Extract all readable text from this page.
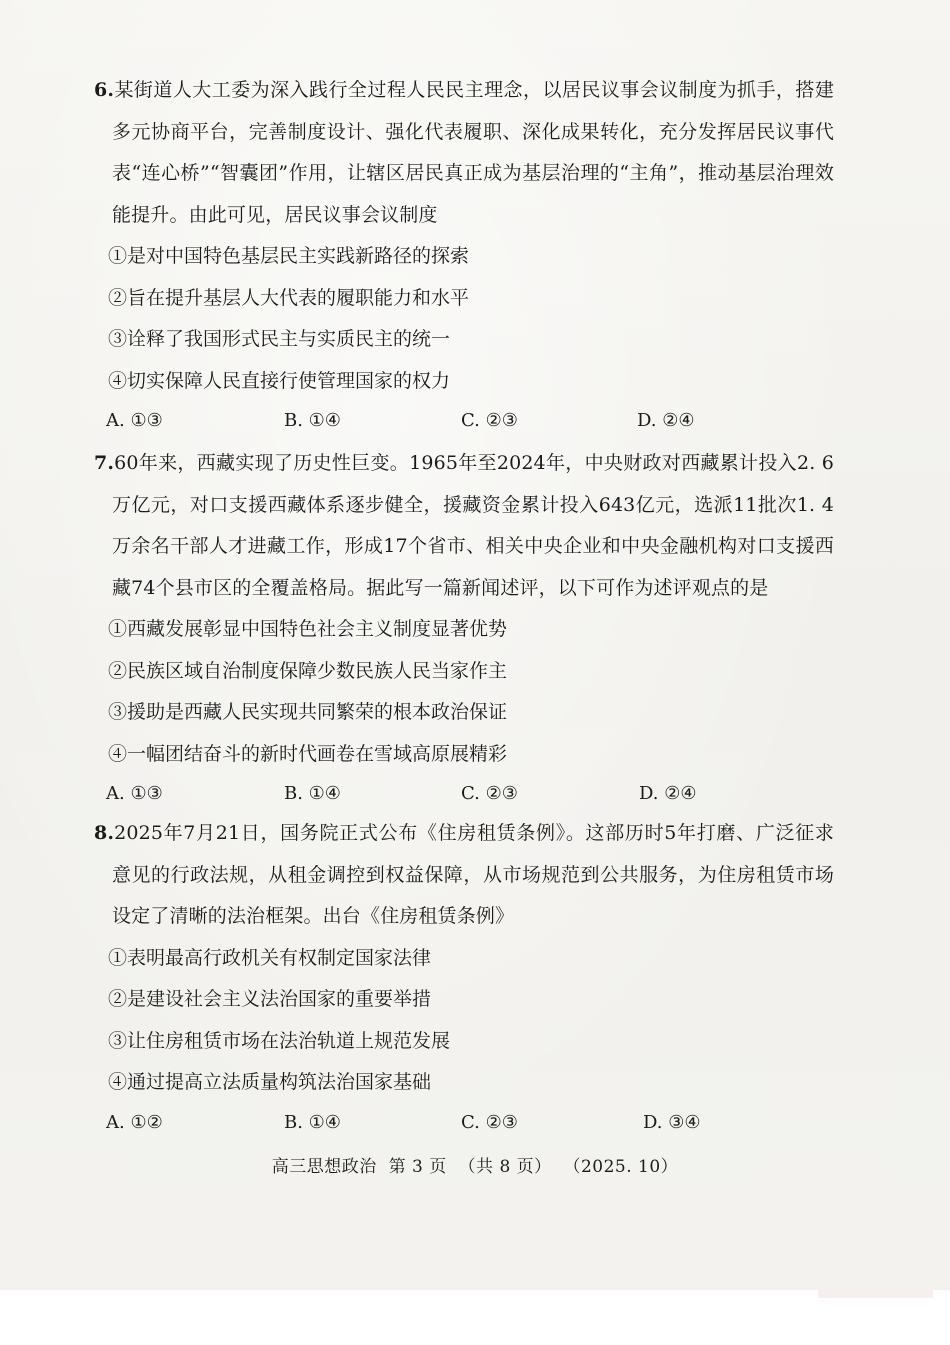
6.某街道人大工委为深入践行全过程人民民主理念，以居民议事会议制度为抓手，搭建多元协商平台，完善制度设计、强化代表履职、深化成果转化，充分发挥居民议事代表“连心桥”“智囊团”作用，让辖区居民真正成为基层治理的“主角”，推动基层治理效能提升。由此可见，居民议事会议制度

①是对中国特色基层民主实践新路径的探索
②旨在提升基层人大代表的履职能力和水平
③诠释了我国形式民主与实质民主的统一
④切实保障人民直接行使管理国家的权力
A. ①③	B. ①④	C. ②③	D. ②④

7.60年来，西藏实现了历史性巨变。1965年至2024年，中央财政对西藏累计投入2. 6万亿元，对口支援西藏体系逐步健全，援藏资金累计投入643亿元，选派11批次1. 4万余名干部人才进藏工作，形成17个省市、相关中央企业和中央金融机构对口支援西藏74个县市区的全覆盖格局。据此写一篇新闻述评，以下可作为述评观点的是

①西藏发展彰显中国特色社会主义制度显著优势
②民族区域自治制度保障少数民族人民当家作主
③援助是西藏人民实现共同繁荣的根本政治保证
④一幅团结奋斗的新时代画卷在雪域高原展精彩
A. ①③	B. ①④	C. ②③	D. ②④

8.2025年7月21日，国务院正式公布《住房租赁条例》。这部历时5年打磨、广泛征求意见的行政法规，从租金调控到权益保障，从市场规范到公共服务，为住房租赁市场设定了清晰的法治框架。出台《住房租赁条例》

①表明最高行政机关有权制定国家法律
②是建设社会主义法治国家的重要举措
③让住房租赁市场在法治轨道上规范发展
④通过提高立法质量构筑法治国家基础
A. ①②	B. ①④	C. ②③	D. ③④
高三思想政治 第 3 页 （共 8 页） （2025. 10）
